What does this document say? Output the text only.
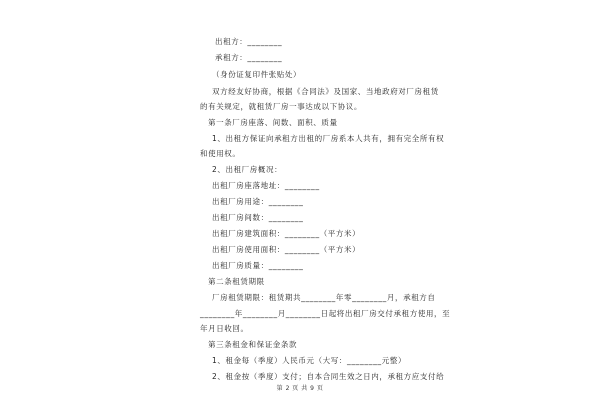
出租方：________
承租方：________
（身份证复印件张贴处）
双方经友好协商，根据《合同法》及国家、当地政府对厂房租赁
的有关规定，就租赁厂房一事达成以下协议。
第一条厂房座落、间数、面积、质量
1、出租方保证向承租方出租的厂房系本人共有，拥有完全所有权
和使用权。
2、出租厂房概况：
出租厂房座落地址：________
出租厂房用途：________
出租厂房间数：________
出租厂房建筑面积：________（平方米）
出租厂房使用面积：________（平方米）
出租厂房质量：________
第二条租赁期限
厂房租赁期限：租赁期共________年零________月，承租方自
________年________月________日起将出租厂房交付承租方使用，至
年月日收回。
第三条租金和保证金条款
1、租金每（季度）人民币元（大写：________元整）
2、租金按（季度）支付；自本合同生效之日内，承租方应支付给
第 2 页 共 9 页
